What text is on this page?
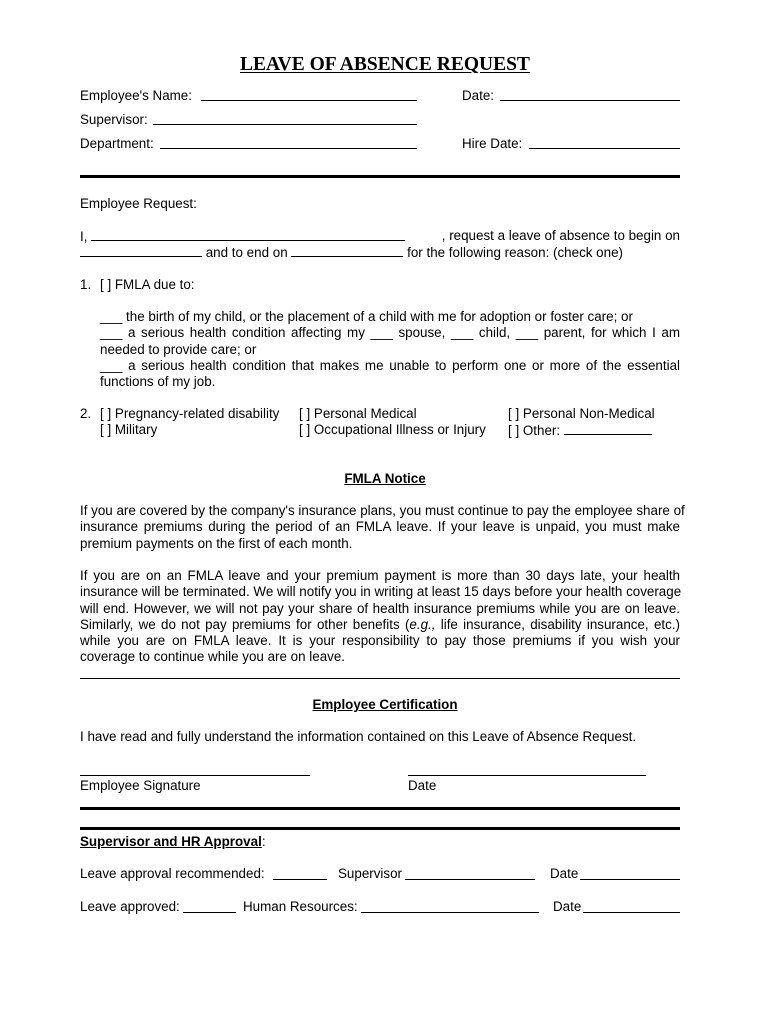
LEAVE OF ABSENCE REQUEST
Employee's Name:	Date:
Supervisor:
Department:	Hire Date:
Employee Request:
I,	, request a leave of absence to begin on
and to end on	for the following reason: (check one)
1. [ ] FMLA due to:
___ the birth of my child, or the placement of a child with me for adoption or foster care; or
___ a serious health condition affecting my ___ spouse, ___ child, ___ parent, for which I am
needed to provide care; or
___ a serious health condition that makes me unable to perform one or more of the essential
functions of my job.
2. [ ] Pregnancy-related disability [ ] Personal Medical	[ ] Personal Non-Medical
[ ] Military	[ ] Occupational Illness or Injury [ ] Other:
FMLA Notice
If you are covered by the company's insurance plans, you must continue to pay the employee share of
insurance premiums during the period of an FMLA leave. If your leave is unpaid, you must make
premium payments on the first of each month.
If you are on an FMLA leave and your premium payment is more than 30 days late, your health
insurance will be terminated. We will notify you in writing at least 15 days before your health coverage
will end. However, we will not pay your share of health insurance premiums while you are on leave.
Similarly, we do not pay premiums for other benefits (e.g., life insurance, disability insurance, etc.)
while you are on FMLA leave. It is your responsibility to pay those premiums if you wish your
coverage to continue while you are on leave.
Employee Certification
I have read and fully understand the information contained on this Leave of Absence Request.
Employee Signature	Date
Supervisor and HR Approval:
Leave approval recommended:	Supervisor	Date
Leave approved:	Human Resources:	Date
